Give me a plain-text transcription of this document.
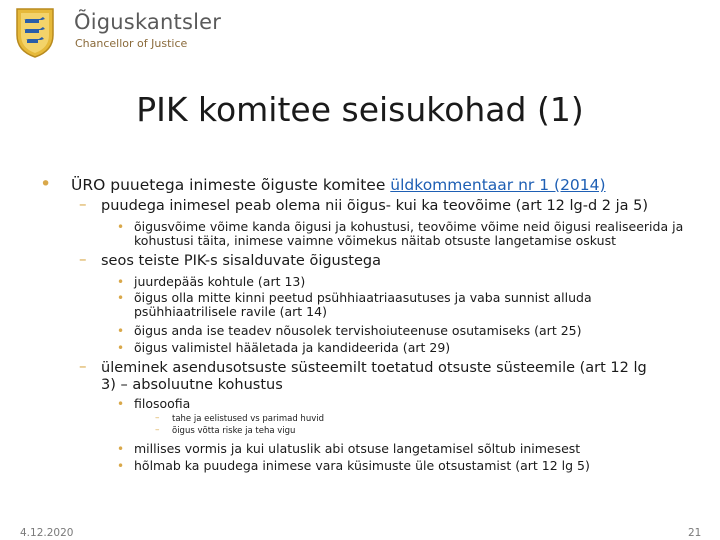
Õiguskantsler
Chancellor of Justice
PIK komitee seisukohad (1)
• ÜRO puuetega inimeste õiguste komitee üldkommentaar nr 1 (2014)
– puudega inimesel peab olema nii õigus- kui ka teovõime (art 12 lg-d 2 ja 5)
• õigusvõime võime kanda õigusi ja kohustusi, teovõime võime neid õigusi realiseerida ja kohustusi täita, inimese vaimne võimekus näitab otsuste langetamise oskust
– seos teiste PIK-s sisalduvate õigustega
• juurdepääs kohtule (art 13)
• õigus olla mitte kinni peetud psühhiaatriaasutuses ja vaba sunnist alluda psühhiaatrilisele ravile (art 14)
• õigus anda ise teadev nõusolek tervishoiuteenuse osutamiseks (art 25)
• õigus valimistel hääletada ja kandideerida (art 29)
– üleminek asendusotsuste süsteemilt toetatud otsuste süsteemile (art 12 lg 3) – absoluutne kohustus
• filosoofia
– tahe ja eelistused vs parimad huvid
– õigus võtta riske ja teha vigu
• millises vormis ja kui ulatuslik abi otsuse langetamisel sõltub inimesest
• hõlmab ka puudega inimese vara küsimuste üle otsustamist (art 12 lg 5)
4.12.2020	21
